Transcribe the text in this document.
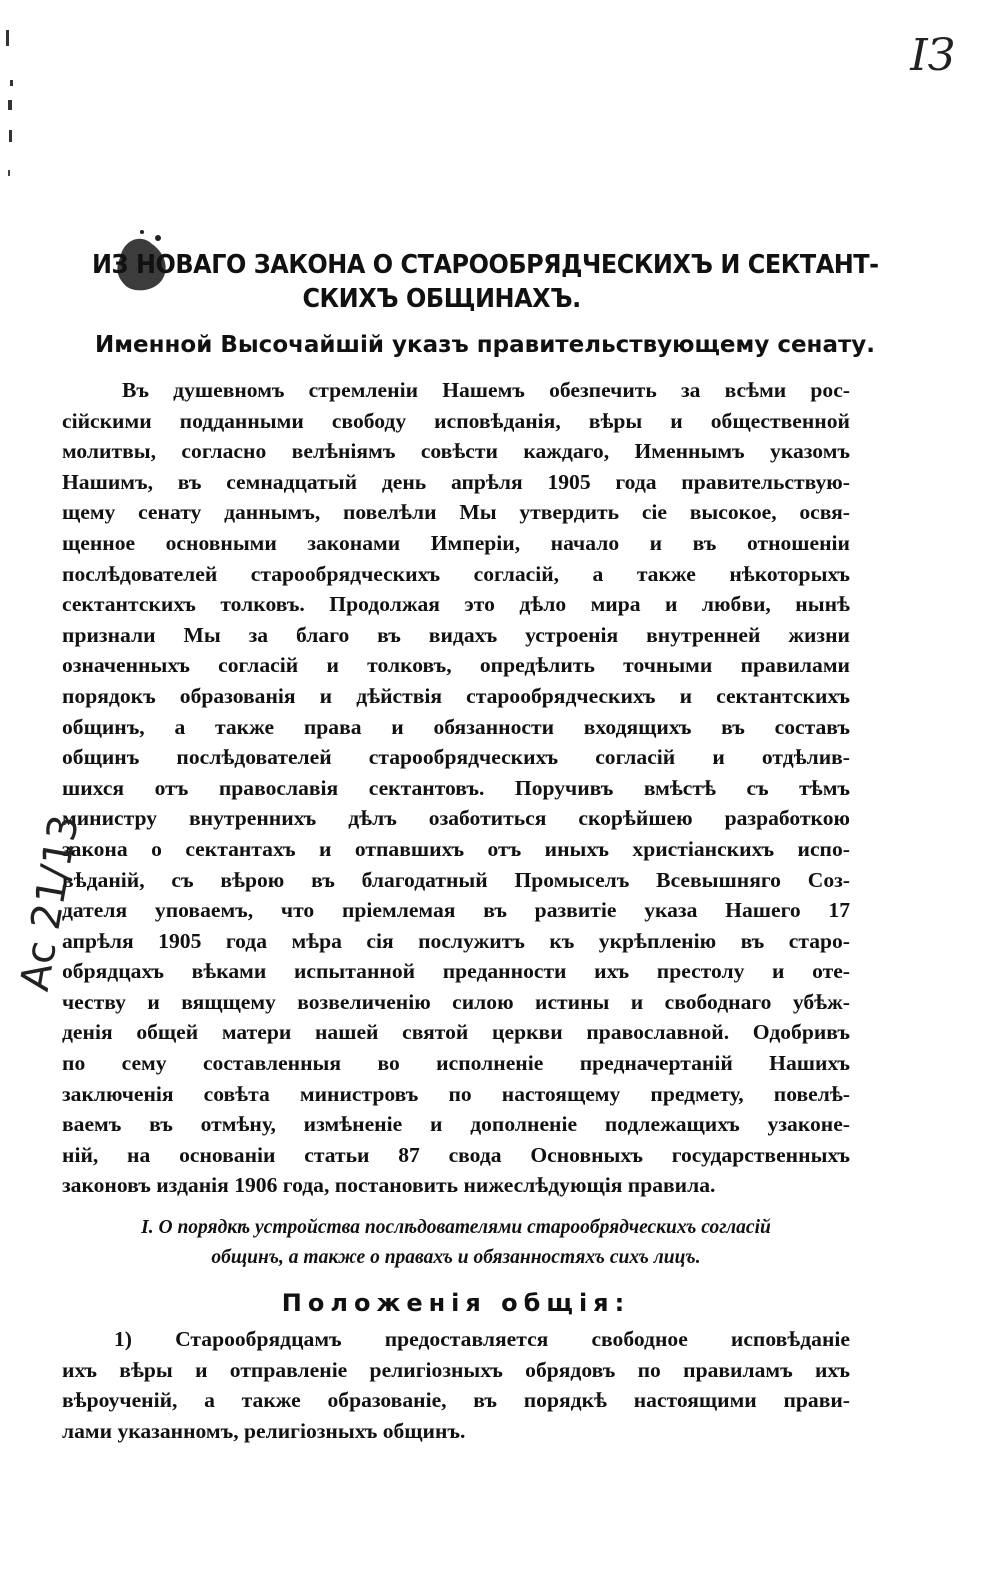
ІЗ
ИЗ НОВАГО ЗАКОНА О СТАРООБРЯДЧЕСКИХЪ И СЕКТАНТ-
СКИХЪ ОБЩИНАХЪ.
Именной Высочайшій указъ правительствующему сенату.
Въ душевномъ стремленіи Нашемъ обезпечить за всѣми рос-
сійскими подданными свободу исповѣданія, вѣры и общественной
молитвы, согласно велѣніямъ совѣсти каждаго, Именнымъ указомъ
Нашимъ, въ семнадцатый день апрѣля 1905 года правительствую-
щему сенату даннымъ, повелѣли Мы утвердить сіе высокое, освя-
щенное основными законами Имперіи, начало и въ отношеніи
послѣдователей старообрядческихъ согласій, а также нѣкоторыхъ
сектантскихъ толковъ. Продолжая это дѣло мира и любви, нынѣ
признали Мы за благо въ видахъ устроенія внутренней жизни
означенныхъ согласій и толковъ, опредѣлить точными правилами
порядокъ образованія и дѣйствія старообрядческихъ и сектантскихъ
общинъ, а также права и обязанности входящихъ въ составъ
общинъ послѣдователей старообрядческихъ согласій и отдѣлив-
шихся отъ православія сектантовъ. Поручивъ вмѣстѣ съ тѣмъ
министру внутреннихъ дѣлъ озаботиться скорѣйшею разработкою
закона о сектантахъ и отпавшихъ отъ иныхъ христіанскихъ испо-
вѣданій, съ вѣрою въ благодатный Промыселъ Всевышняго Соз-
дателя уповаемъ, что пріемлемая въ развитіе указа Нашего 17
апрѣля 1905 года мѣра сія послужитъ къ укрѣпленію въ старо-
обрядцахъ вѣками испытанной преданности ихъ престолу и оте-
честву и вящщему возвеличенію силою истины и свободнаго убѣж-
денія общей матери нашей святой церкви православной. Одобривъ
по сему составленныя во исполненіе предначертаній Нашихъ
заключенія совѣта министровъ по настоящему предмету, повелѣ-
ваемъ въ отмѣну, измѣненіе и дополненіе подлежащихъ узаконе-
ній, на основаніи статьи 87 свода Основныхъ государственныхъ
законовъ изданія 1906 года, постановить нижеслѣдующія правила.
I. О порядкѣ устройства послѣдователями старообрядческихъ согласій
общинъ, а также о правахъ и обязанностяхъ сихъ лицъ.
Положенія общія:
1) Старообрядцамъ предоставляется свободное исповѣданіе
ихъ вѣры и отправленіе религіозныхъ обрядовъ по правиламъ ихъ
вѣроученій, а также образованіе, въ порядкѣ настоящими прави-
лами указанномъ, религіозныхъ общинъ.
Ас 21/13
